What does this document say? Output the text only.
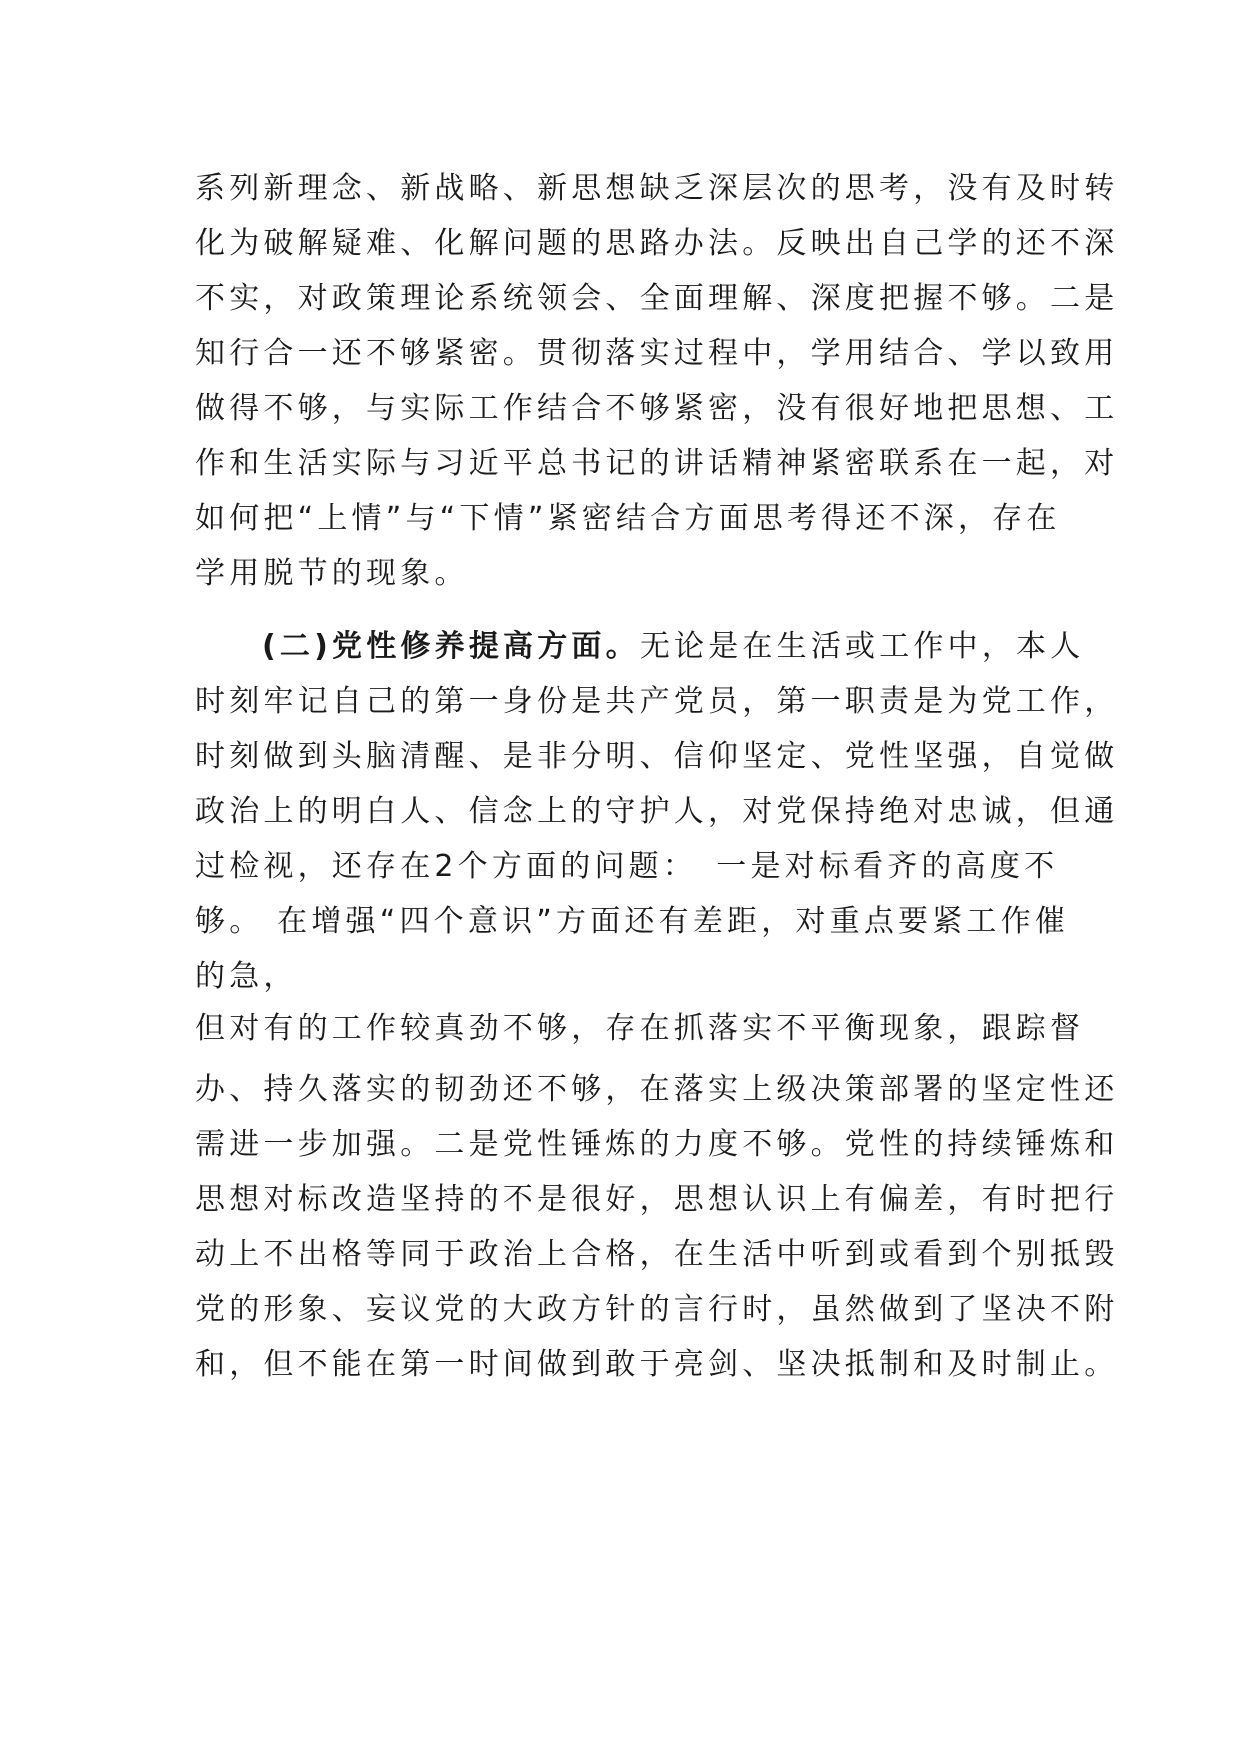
系列新理念、新战略、新思想缺乏深层次的思考，没有及时转
化为破解疑难、化解问题的思路办法。反映出自己学的还不深
不实，对政策理论系统领会、全面理解、深度把握不够。二是
知行合一还不够紧密。贯彻落实过程中，学用结合、学以致用
做得不够，与实际工作结合不够紧密，没有很好地把思想、工
作和生活实际与习近平总书记的讲话精神紧密联系在一起，对
如何把“上情”与“下情”紧密结合方面思考得还不深，存在
学用脱节的现象。
(二)党性修养提高方面。无论是在生活或工作中，本人
时刻牢记自己的第一身份是共产党员，第一职责是为党工作，
时刻做到头脑清醒、是非分明、信仰坚定、党性坚强，自觉做
政治上的明白人、信念上的守护人，对党保持绝对忠诚，但通
过检视，还存在2个方面的问题：　一是对标看齐的高度不
够。 在增强“四个意识”方面还有差距，对重点要紧工作催
的急，
但对有的工作较真劲不够，存在抓落实不平衡现象，跟踪督
办、持久落实的韧劲还不够，在落实上级决策部署的坚定性还
需进一步加强。二是党性锤炼的力度不够。党性的持续锤炼和
思想对标改造坚持的不是很好，思想认识上有偏差，有时把行
动上不出格等同于政治上合格，在生活中听到或看到个别抵毁
党的形象、妄议党的大政方针的言行时，虽然做到了坚决不附
和，但不能在第一时间做到敢于亮剑、坚决抵制和及时制止。
